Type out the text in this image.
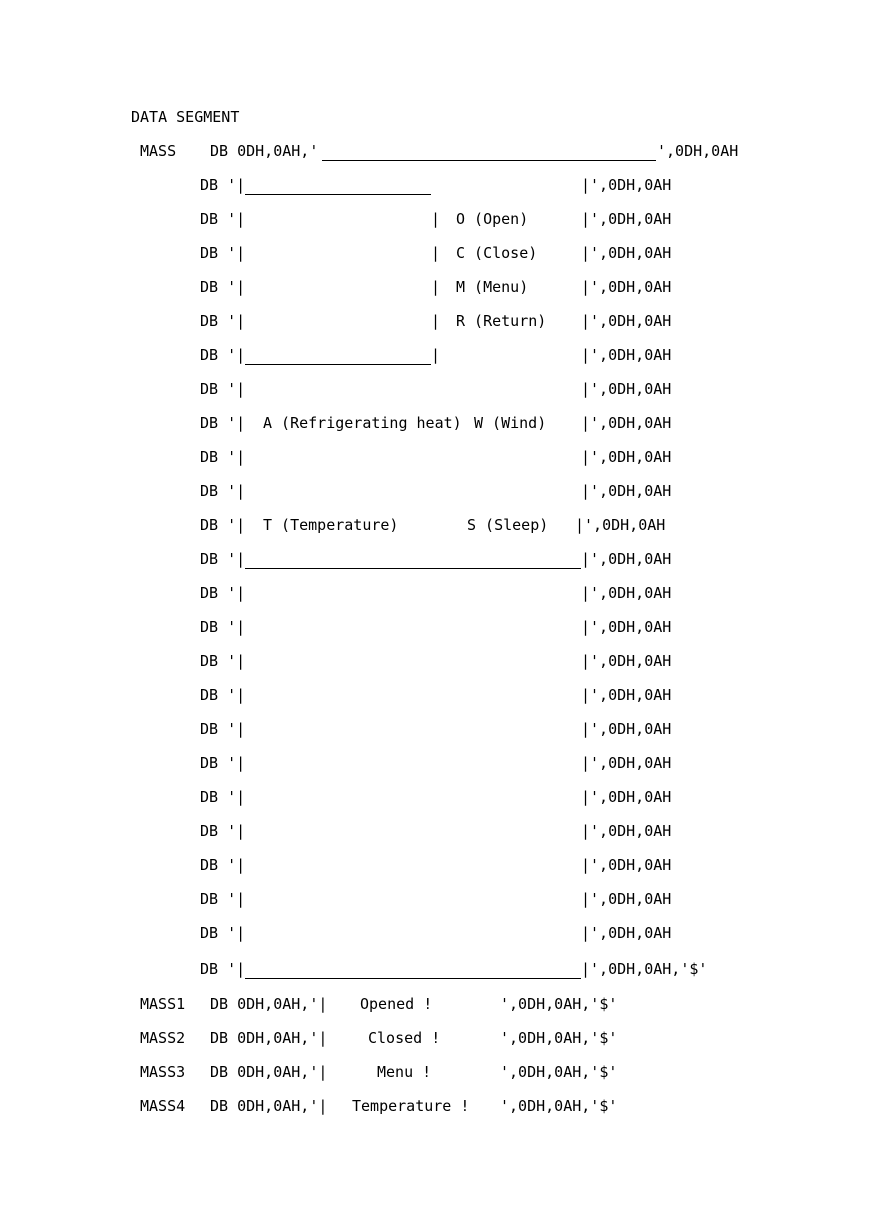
DATA SEGMENT
MASS DB 0DH,0AH,'	',0DH,0AH
DB '|	|',0DH,0AH
DB '|	| O (Open)	|',0DH,0AH
DB '|	| C (Close)	|',0DH,0AH
DB '|	| M (Menu)	|',0DH,0AH
DB '|	| R (Return) |',0DH,0AH
DB '|	|	|',0DH,0AH
DB '|	|',0DH,0AH
DB '| A (Refrigerating heat) W (Wind) |',0DH,0AH
DB '|	|',0DH,0AH
DB '|	|',0DH,0AH
DB '| T (Temperature)	S (Sleep) |',0DH,0AH
DB '|	|',0DH,0AH
DB '|	|',0DH,0AH
DB '|	|',0DH,0AH
DB '|	|',0DH,0AH
DB '|	|',0DH,0AH
DB '|	|',0DH,0AH
DB '|	|',0DH,0AH
DB '|	|',0DH,0AH
DB '|	|',0DH,0AH
DB '|	|',0DH,0AH
DB '|	|',0DH,0AH
DB '|	|',0DH,0AH
DB '|	|',0DH,0AH,'$'
MASS1 DB 0DH,0AH,'| Opened !	',0DH,0AH,'$'
MASS2 DB 0DH,0AH,'|	Closed !	',0DH,0AH,'$'
MASS3 DB 0DH,0AH,'|	Menu !	',0DH,0AH,'$'
MASS4 DB 0DH,0AH,'| Temperature ! ',0DH,0AH,'$'
